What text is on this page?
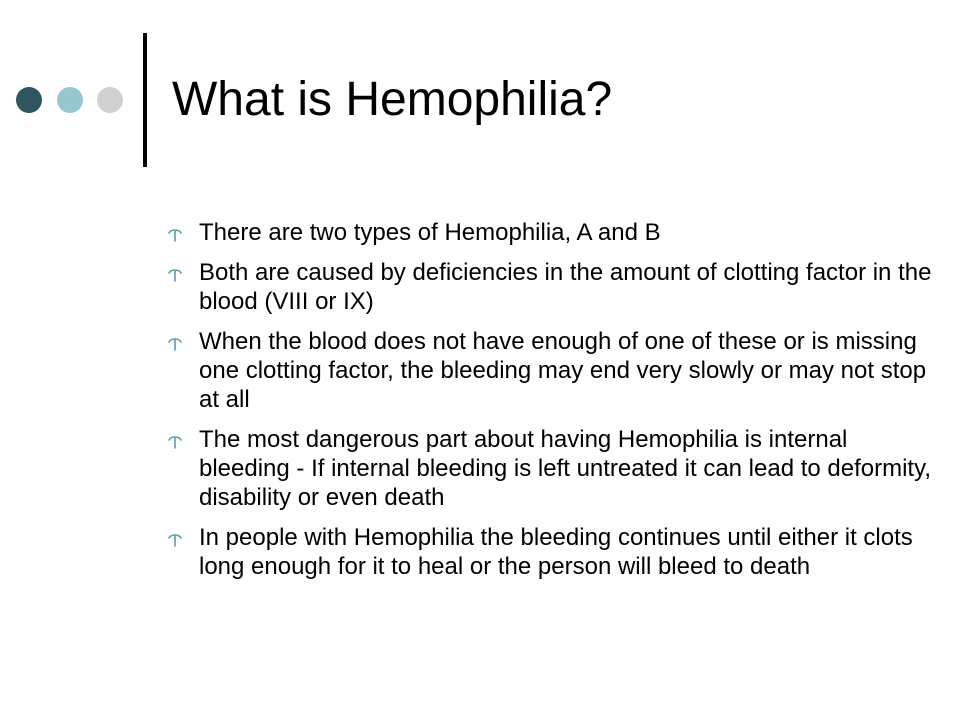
What is Hemophilia?
There are two types of Hemophilia, A and B
Both are caused by deficiencies in the amount of clotting factor in the blood (VIII or IX)
When the blood does not have enough of one of these or is missing one clotting factor, the bleeding may end very slowly or may not stop at all
The most dangerous part about having Hemophilia is internal bleeding - If internal bleeding is left untreated it can lead to deformity, disability or even death
In people with Hemophilia the bleeding continues until either it clots long enough for it to heal or the person will bleed to death
